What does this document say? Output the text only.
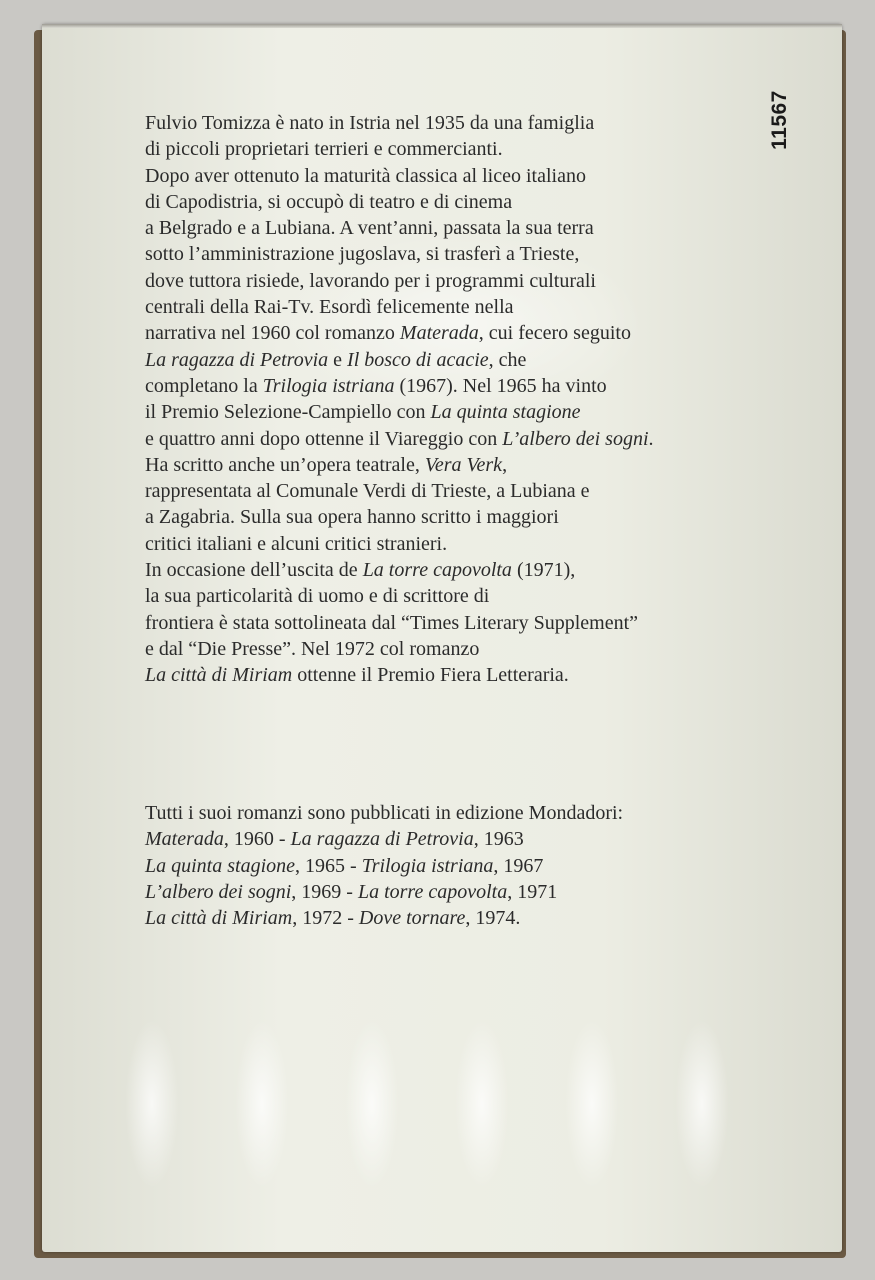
11567

Fulvio Tomizza è nato in Istria nel 1935 da una famiglia

di piccoli proprietari terrieri e commercianti.

Dopo aver ottenuto la maturità classica al liceo italiano

di Capodistria, si occupò di teatro e di cinema

a Belgrado e a Lubiana. A vent’anni, passata la sua terra

sotto l’amministrazione jugoslava, si trasferì a Trieste,

dove tuttora risiede, lavorando per i programmi culturali

centrali della Rai-Tv. Esordì felicemente nella

narrativa nel 1960 col romanzo Materada, cui fecero seguito

La ragazza di Petrovia e Il bosco di acacie, che

completano la Trilogia istriana (1967). Nel 1965 ha vinto

il Premio Selezione-Campiello con La quinta stagione

e quattro anni dopo ottenne il Viareggio con L’albero dei sogni.

Ha scritto anche un’opera teatrale, Vera Verk,

rappresentata al Comunale Verdi di Trieste, a Lubiana e

a Zagabria. Sulla sua opera hanno scritto i maggiori

critici italiani e alcuni critici stranieri.

In occasione dell’uscita de La torre capovolta (1971),

la sua particolarità di uomo e di scrittore di

frontiera è stata sottolineata dal “Times Literary Supplement”

e dal “Die Presse”. Nel 1972 col romanzo

La città di Miriam ottenne il Premio Fiera Letteraria.

Tutti i suoi romanzi sono pubblicati in edizione Mondadori:

Materada, 1960 - La ragazza di Petrovia, 1963

La quinta stagione, 1965 - Trilogia istriana, 1967

L’albero dei sogni, 1969 - La torre capovolta, 1971

La città di Miriam, 1972 - Dove tornare, 1974.
